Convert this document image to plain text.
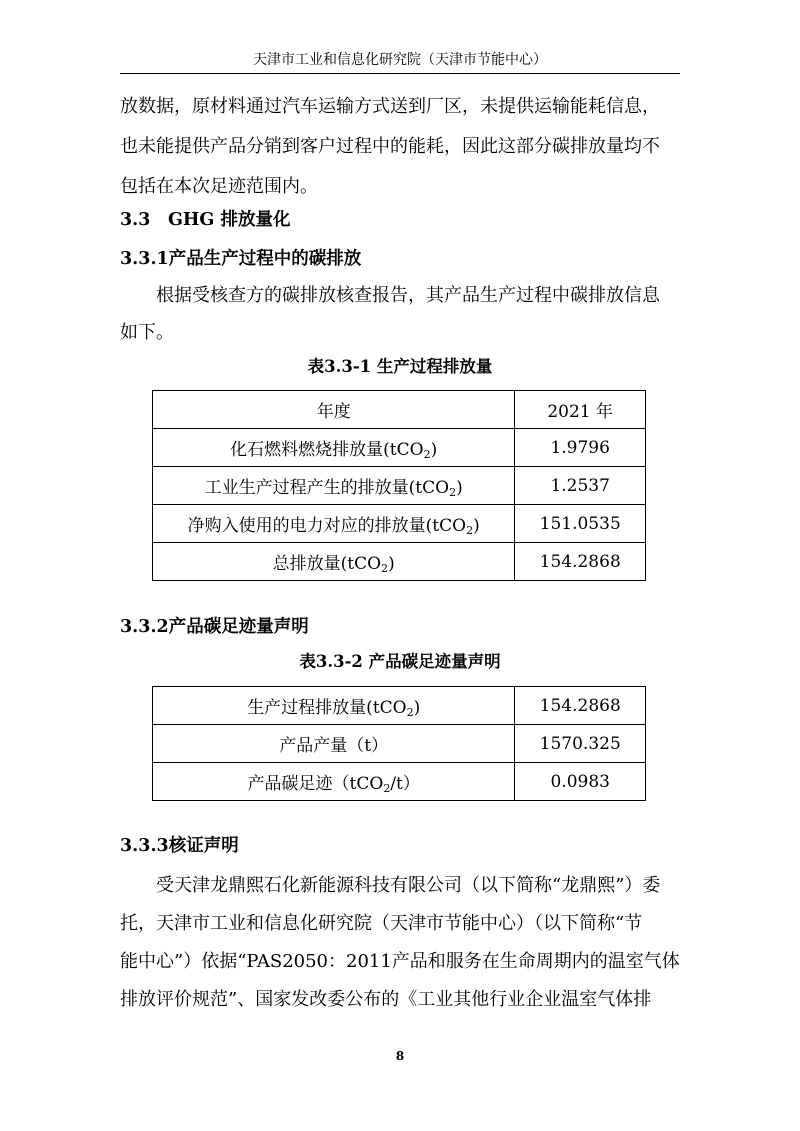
天津市工业和信息化研究院（天津市节能中心）

放数据，原材料通过汽车运输方式送到厂区，未提供运输能耗信息，

也未能提供产品分销到客户过程中的能耗，因此这部分碳排放量均不

包括在本次足迹范围内。

3.3　GHG 排放量化
3.3.1产品生产过程中的碳排放

根据受核查方的碳排放核查报告，其产品生产过程中碳排放信息

如下。

表3.3-1 生产过程排放量
年度	2021 年
化石燃料燃烧排放量(tCO$_2$)	1.9796
工业生产过程产生的排放量(tCO$_2$)	1.2537
净购入使用的电力对应的排放量(tCO$_2$)	151.0535
总排放量(tCO$_2$)	154.2868
3.3.2产品碳足迹量声明
表3.3-2 产品碳足迹量声明
生产过程排放量(tCO$_2$)	154.2868
产品产量（t）	1570.325
产品碳足迹（tCO$_2$/t）	0.0983
3.3.3核证声明

受天津龙鼎熙石化新能源科技有限公司（以下简称“龙鼎熙”）委

托，天津市工业和信息化研究院（天津市节能中心）（以下简称“节

能中心”）依据“PAS2050：2011产品和服务在生命周期内的温室气体

排放评价规范”、国家发改委公布的《工业其他行业企业温室气体排

8
